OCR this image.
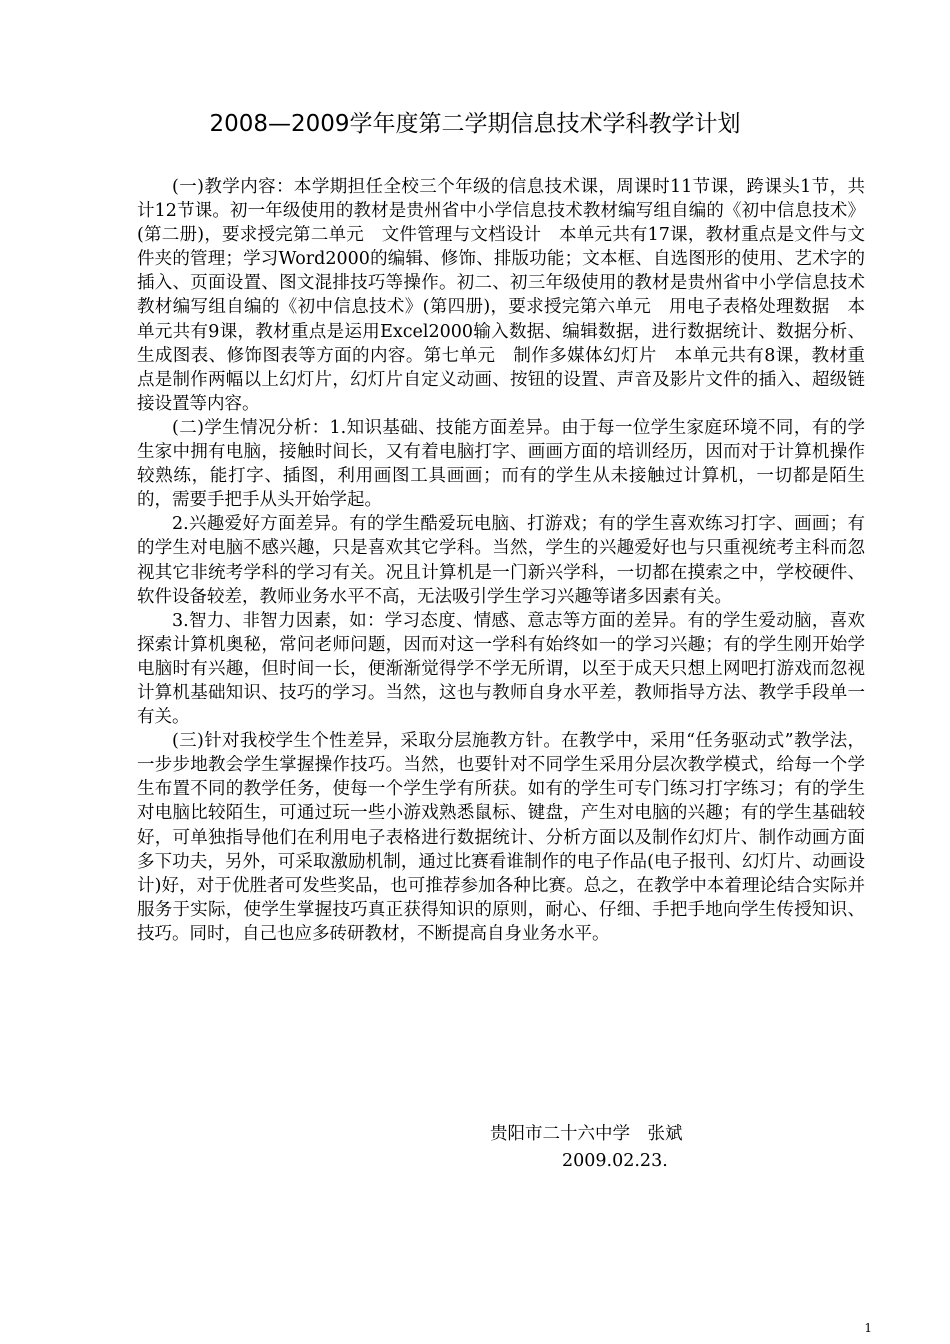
2008—2009学年度第二学期信息技术学科教学计划

(一)教学内容：本学期担任全校三个年级的信息技术课，周课时11节课，跨课头1节，共计12节课。初一年级使用的教材是贵州省中小学信息技术教材编写组自编的《初中信息技术》(第二册)，要求授完第二单元　文件管理与文档设计　本单元共有17课，教材重点是文件与文件夹的管理；学习Word2000的编辑、修饰、排版功能；文本框、自选图形的使用、艺术字的插入、页面设置、图文混排技巧等操作。初二、初三年级使用的教材是贵州省中小学信息技术教材编写组自编的《初中信息技术》(第四册)，要求授完第六单元　用电子表格处理数据　本单元共有9课，教材重点是运用Excel2000输入数据、编辑数据，进行数据统计、数据分析、生成图表、修饰图表等方面的内容。第七单元　制作多媒体幻灯片　本单元共有8课，教材重点是制作两幅以上幻灯片，幻灯片自定义动画、按钮的设置、声音及影片文件的插入、超级链接设置等内容。

(二)学生情况分析：1.知识基础、技能方面差异。由于每一位学生家庭环境不同，有的学生家中拥有电脑，接触时间长，又有着电脑打字、画画方面的培训经历，因而对于计算机操作较熟练，能打字、插图，利用画图工具画画；而有的学生从未接触过计算机，一切都是陌生的，需要手把手从头开始学起。

2.兴趣爱好方面差异。有的学生酷爱玩电脑、打游戏；有的学生喜欢练习打字、画画；有的学生对电脑不感兴趣，只是喜欢其它学科。当然，学生的兴趣爱好也与只重视统考主科而忽视其它非统考学科的学习有关。况且计算机是一门新兴学科，一切都在摸索之中，学校硬件、软件设备较差，教师业务水平不高，无法吸引学生学习兴趣等诸多因素有关。

3.智力、非智力因素，如：学习态度、情感、意志等方面的差异。有的学生爱动脑，喜欢探索计算机奥秘，常问老师问题，因而对这一学科有始终如一的学习兴趣；有的学生刚开始学电脑时有兴趣，但时间一长，便渐渐觉得学不学无所谓，以至于成天只想上网吧打游戏而忽视计算机基础知识、技巧的学习。当然，这也与教师自身水平差，教师指导方法、教学手段单一有关。

(三)针对我校学生个性差异，采取分层施教方针。在教学中，采用“任务驱动式”教学法，一步步地教会学生掌握操作技巧。当然，也要针对不同学生采用分层次教学模式，给每一个学生布置不同的教学任务，使每一个学生学有所获。如有的学生可专门练习打字练习；有的学生对电脑比较陌生，可通过玩一些小游戏熟悉鼠标、键盘，产生对电脑的兴趣；有的学生基础较好，可单独指导他们在利用电子表格进行数据统计、分析方面以及制作幻灯片、制作动画方面多下功夫，另外，可采取激励机制，通过比赛看谁制作的电子作品(电子报刊、幻灯片、动画设计)好，对于优胜者可发些奖品，也可推荐参加各种比赛。总之，在教学中本着理论结合实际并服务于实际，使学生掌握技巧真正获得知识的原则，耐心、仔细、手把手地向学生传授知识、技巧。同时，自己也应多砖研教材，不断提高自身业务水平。

贵阳市二十六中学　张斌
2009.02.23.
1
